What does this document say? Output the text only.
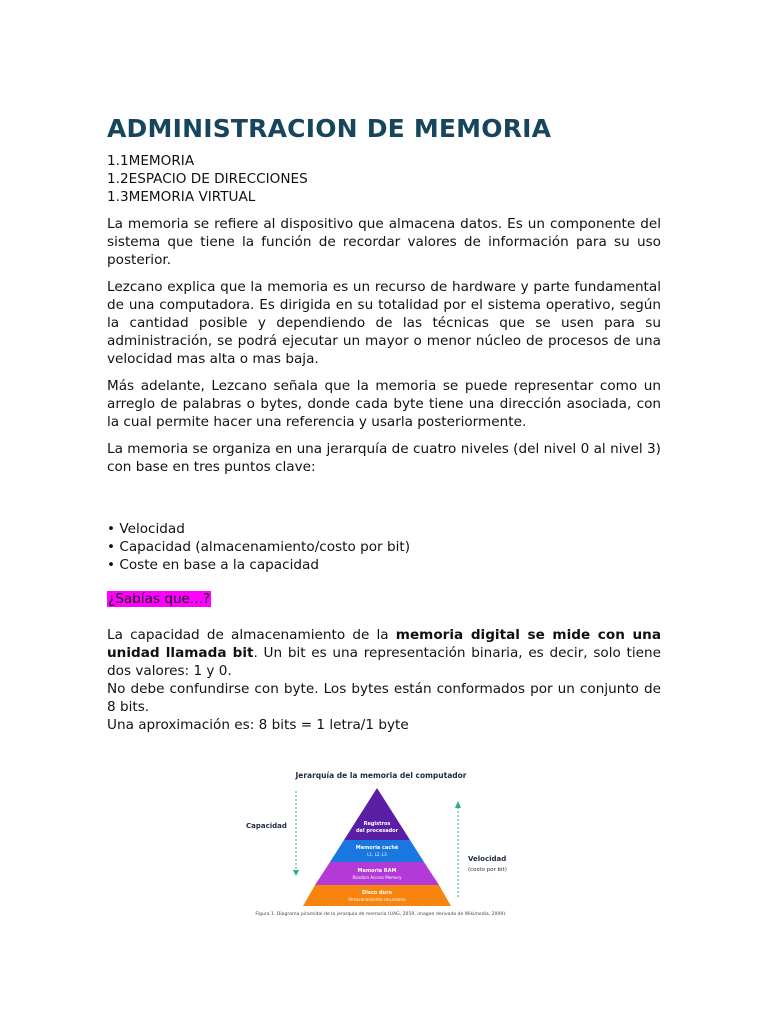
ADMINISTRACION DE MEMORIA
1.1MEMORIA
1.2ESPACIO DE DIRECCIONES
1.3MEMORIA VIRTUAL

La memoria se refiere al dispositivo que almacena datos. Es un componente del sistema que tiene la función de recordar valores de información para su uso posterior.

Lezcano explica que la memoria es un recurso de hardware y parte fundamental de una computadora. Es dirigida en su totalidad por el sistema operativo, según la cantidad posible y dependiendo de las técnicas que se usen para su administración, se podrá ejecutar un mayor o menor núcleo de procesos de una velocidad mas alta o mas baja.

Más adelante, Lezcano señala que la memoria se puede representar como un arreglo de palabras o bytes, donde cada byte tiene una dirección asociada, con la cual permite hacer una referencia y usarla posteriormente.

La memoria se organiza en una jerarquía de cuatro niveles (del nivel 0 al nivel 3) con base en tres puntos clave:

• Velocidad
• Capacidad (almacenamiento/costo por bit)
• Coste en base a la capacidad
¿Sabías que...?

La capacidad de almacenamiento de la memoria digital se mide con una unidad llamada bit. Un bit es una representación binaria, es decir, solo tiene dos valores: 1 y 0.

No debe confundirse con byte. Los bytes están conformados por un conjunto de 8 bits.

Una aproximación es: 8 bits = 1 letra/1 byte

Jerarquía de la memoria del computador
Capacidad
Velocidad
(costo por bit)
Registros
del procesador
Memoria caché
L1, L2, L3
Memoria RAM
Random Access Memory
Disco duro
Almacenamiento secundario
Figura 1. Diagrama piramidal de la jerarquía de memoria (UAG, 2019, imagen derivada de Wikimedia, 2009).
